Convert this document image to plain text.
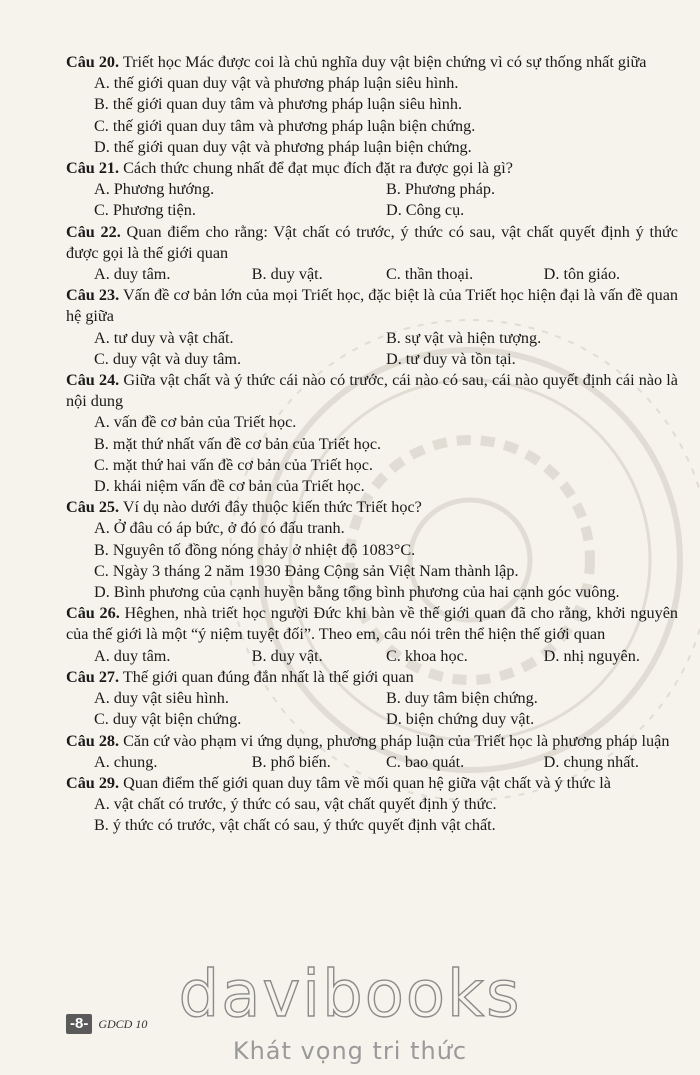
Câu 20. Triết học Mác được coi là chủ nghĩa duy vật biện chứng vì có sự thống nhất giữa
A. thế giới quan duy vật và phương pháp luận siêu hình.
B. thế giới quan duy tâm và phương pháp luận siêu hình.
C. thế giới quan duy tâm và phương pháp luận biện chứng.
D. thế giới quan duy vật và phương pháp luận biện chứng.
Câu 21. Cách thức chung nhất để đạt mục đích đặt ra được gọi là gì?
A. Phương hướng.	B. Phương pháp.
C. Phương tiện.	D. Công cụ.
Câu 22. Quan điểm cho rằng: Vật chất có trước, ý thức có sau, vật chất quyết định ý thức được gọi là thế giới quan
A. duy tâm.	B. duy vật.	C. thần thoại.	D. tôn giáo.
Câu 23. Vấn đề cơ bản lớn của mọi Triết học, đặc biệt là của Triết học hiện đại là vấn đề quan hệ giữa
A. tư duy và vật chất.	B. sự vật và hiện tượng.
C. duy vật và duy tâm.	D. tư duy và tồn tại.
Câu 24. Giữa vật chất và ý thức cái nào có trước, cái nào có sau, cái nào quyết định cái nào là nội dung
A. vấn đề cơ bản của Triết học.
B. mặt thứ nhất vấn đề cơ bản của Triết học.
C. mặt thứ hai vấn đề cơ bản của Triết học.
D. khái niệm vấn đề cơ bản của Triết học.
Câu 25. Ví dụ nào dưới đây thuộc kiến thức Triết học?
A. Ở đâu có áp bức, ở đó có đấu tranh.
B. Nguyên tố đồng nóng chảy ở nhiệt độ 1083°C.
C. Ngày 3 tháng 2 năm 1930 Đảng Cộng sản Việt Nam thành lập.
D. Bình phương của cạnh huyền bằng tổng bình phương của hai cạnh góc vuông.
Câu 26. Hêghen, nhà triết học người Đức khi bàn về thế giới quan đã cho rằng, khởi nguyên của thế giới là một “ý niệm tuyệt đối”. Theo em, câu nói trên thể hiện thế giới quan
A. duy tâm.	B. duy vật.	C. khoa học.	D. nhị nguyên.
Câu 27. Thế giới quan đúng đắn nhất là thế giới quan
A. duy vật siêu hình.	B. duy tâm biện chứng.
C. duy vật biện chứng.	D. biện chứng duy vật.
Câu 28. Căn cứ vào phạm vi ứng dụng, phương pháp luận của Triết học là phương pháp luận
A. chung.	B. phổ biến.	C. bao quát.	D. chung nhất.
Câu 29. Quan điểm thế giới quan duy tâm về mối quan hệ giữa vật chất và ý thức là
A. vật chất có trước, ý thức có sau, vật chất quyết định ý thức.
B. ý thức có trước, vật chất có sau, ý thức quyết định vật chất.
-8- GDCD 10 davibooks
Khát vọng tri thức
